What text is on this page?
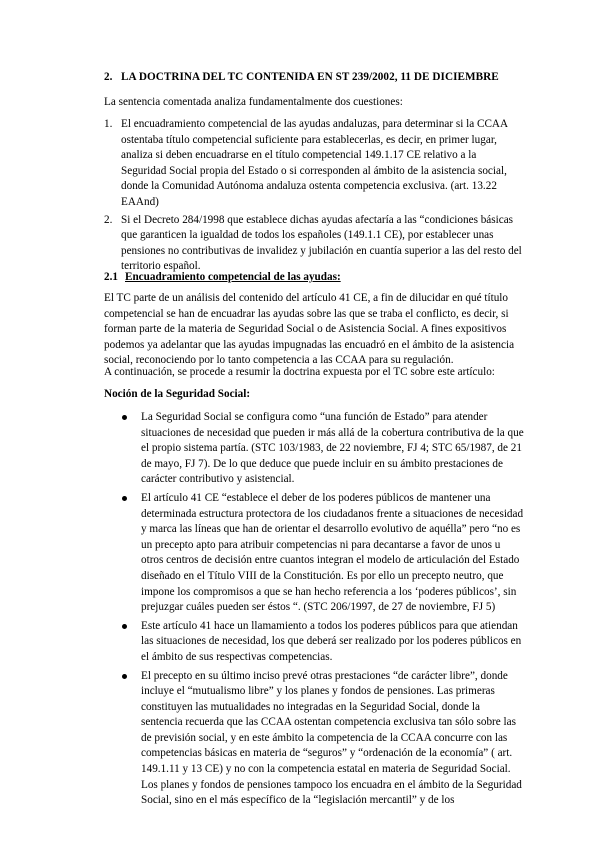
2. LA DOCTRINA DEL TC CONTENIDA EN ST 239/2002, 11 DE DICIEMBRE
La sentencia comentada analiza fundamentalmente dos cuestiones:
1. El encuadramiento competencial de las ayudas andaluzas, para determinar si la CCAA ostentaba título competencial suficiente para establecerlas, es decir, en primer lugar, analiza si deben encuadrarse en el título competencial 149.1.17 CE relativo a la Seguridad Social propia del Estado o si corresponden al ámbito de la asistencia social, donde la Comunidad Autónoma andaluza ostenta competencia exclusiva. (art. 13.22 EAAnd)
2. Si el Decreto 284/1998 que establece dichas ayudas afectaría a las “condiciones básicas que garanticen la igualdad de todos los españoles (149.1.1 CE), por establecer unas pensiones no contributivas de invalidez y jubilación en cuantía superior a las del resto del territorio español.
2.1 Encuadramiento competencial de las ayudas:
El TC parte de un análisis del contenido del artículo 41 CE, a fin de dilucidar en qué título competencial se han de encuadrar las ayudas sobre las que se traba el conflicto, es decir, si forman parte de la materia de Seguridad Social o de Asistencia Social. A fines expositivos podemos ya adelantar que las ayudas impugnadas las encuadró en el ámbito de la asistencia social, reconociendo por lo tanto competencia a las CCAA para su regulación.
A continuación, se procede a resumir la doctrina expuesta por el TC sobre este artículo:
Noción de la Seguridad Social:
La Seguridad Social se configura como “una función de Estado” para atender situaciones de necesidad que pueden ir más allá de la cobertura contributiva de la que el propio sistema partía. (STC 103/1983, de 22 noviembre, FJ 4; STC 65/1987, de 21 de mayo, FJ 7). De lo que deduce que puede incluir en su ámbito prestaciones de carácter contributivo y asistencial.
El artículo 41 CE “establece el deber de los poderes públicos de mantener una determinada estructura protectora de los ciudadanos frente a situaciones de necesidad y marca las líneas que han de orientar el desarrollo evolutivo de aquélla” pero “no es un precepto apto para atribuir competencias ni para decantarse a favor de unos u otros centros de decisión entre cuantos integran el modelo de articulación del Estado diseñado en el Título VIII de la Constitución. Es por ello un precepto neutro, que impone los compromisos a que se han hecho referencia a los ‘poderes públicos’, sin prejuzgar cuáles pueden ser éstos “. (STC 206/1997, de 27 de noviembre, FJ 5)
Este artículo 41 hace un llamamiento a todos los poderes públicos para que atiendan las situaciones de necesidad, los que deberá ser realizado por los poderes públicos en el ámbito de sus respectivas competencias.
El precepto en su último inciso prevé otras prestaciones “de carácter libre”, donde incluye el “mutualismo libre” y los planes y fondos de pensiones. Las primeras constituyen las mutualidades no integradas en la Seguridad Social, donde la sentencia recuerda que las CCAA ostentan competencia exclusiva tan sólo sobre las de previsión social, y en este ámbito la competencia de la CCAA concurre con las competencias básicas en materia de “seguros” y “ordenación de la economía” ( art. 149.1.11 y 13 CE) y no con la competencia estatal en materia de Seguridad Social. Los planes y fondos de pensiones tampoco los encuadra en el ámbito de la Seguridad Social, sino en el más específico de la “legislación mercantil” y de los
